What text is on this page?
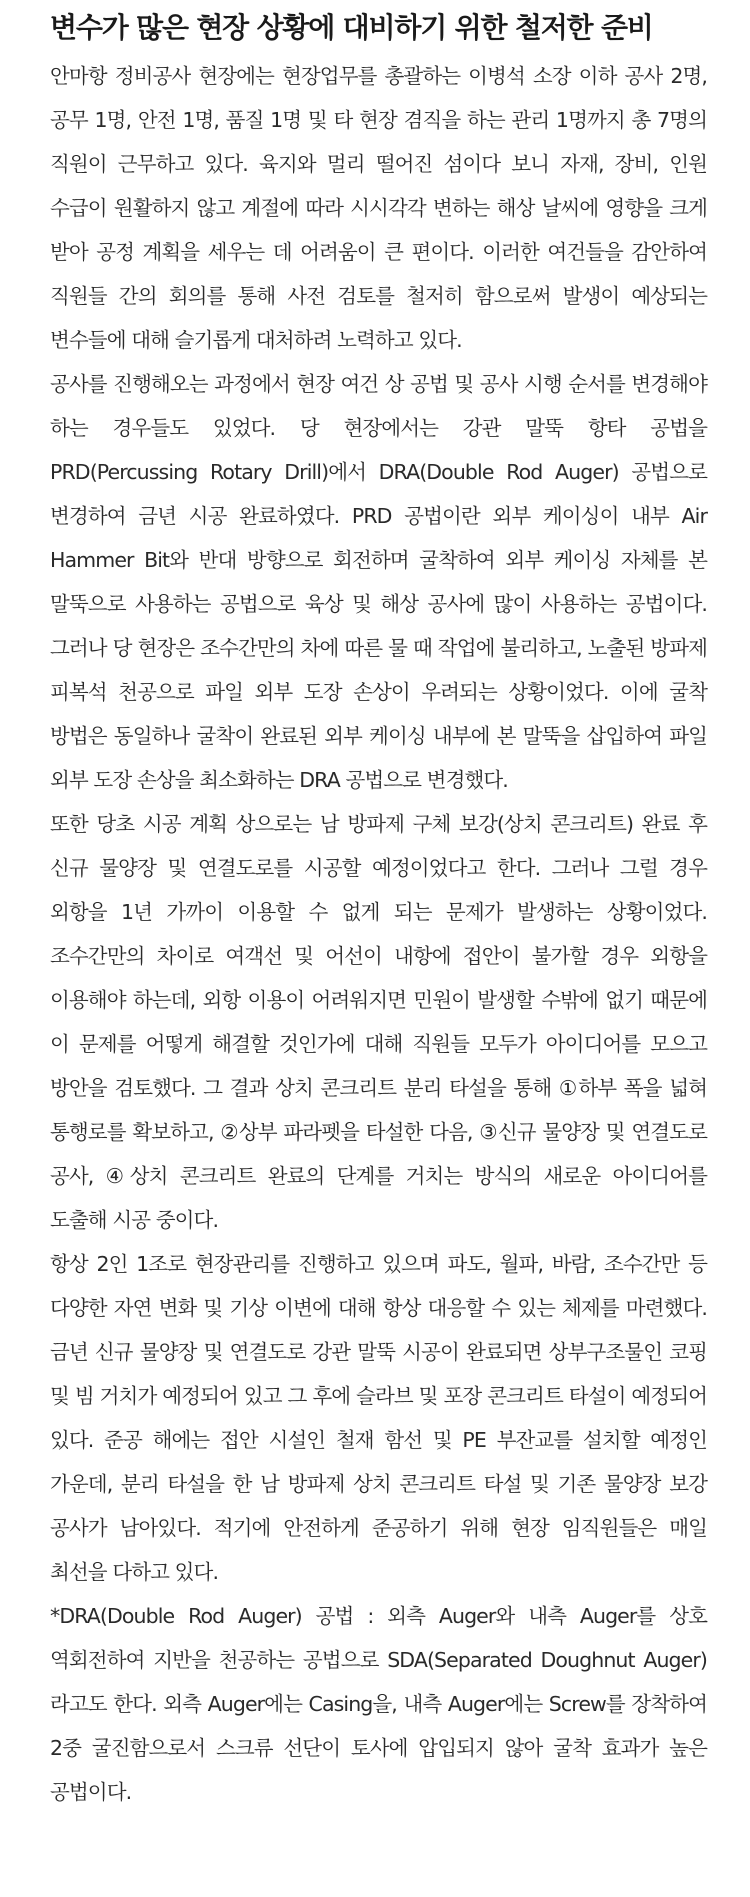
변수가 많은 현장 상황에 대비하기 위한 철저한 준비

안마항 정비공사 현장에는 현장업무를 총괄하는 이병석 소장 이하 공사 2명, 공무 1명, 안전 1명, 품질 1명 및 타 현장 겸직을 하는 관리 1명까지 총 7명의 직원이 근무하고 있다. 육지와 멀리 떨어진 섬이다 보니 자재, 장비, 인원 수급이 원활하지 않고 계절에 따라 시시각각 변하는 해상 날씨에 영향을 크게 받아 공정 계획을 세우는 데 어려움이 큰 편이다. 이러한 여건들을 감안하여 직원들 간의 회의를 통해 사전 검토를 철저히 함으로써 발생이 예상되는 변수들에 대해 슬기롭게 대처하려 노력하고 있다.

공사를 진행해오는 과정에서 현장 여건 상 공법 및 공사 시행 순서를 변경해야 하는 경우들도 있었다. 당 현장에서는 강관 말뚝 항타 공법을 PRD(Percussing Rotary Drill)에서 DRA(Double Rod Auger) 공법으로 변경하여 금년 시공 완료하였다. PRD 공법이란 외부 케이싱이 내부 Air Hammer Bit와 반대 방향으로 회전하며 굴착하여 외부 케이싱 자체를 본 말뚝으로 사용하는 공법으로 육상 및 해상 공사에 많이 사용하는 공법이다. 그러나 당 현장은 조수간만의 차에 따른 물 때 작업에 불리하고, 노출된 방파제 피복석 천공으로 파일 외부 도장 손상이 우려되는 상황이었다. 이에 굴착 방법은 동일하나 굴착이 완료된 외부 케이싱 내부에 본 말뚝을 삽입하여 파일 외부 도장 손상을 최소화하는 DRA 공법으로 변경했다.

또한 당초 시공 계획 상으로는 남 방파제 구체 보강(상치 콘크리트) 완료 후 신규 물양장 및 연결도로를 시공할 예정이었다고 한다. 그러나 그럴 경우 외항을 1년 가까이 이용할 수 없게 되는 문제가 발생하는 상황이었다. 조수간만의 차이로 여객선 및 어선이 내항에 접안이 불가할 경우 외항을 이용해야 하는데, 외항 이용이 어려워지면 민원이 발생할 수밖에 없기 때문에 이 문제를 어떻게 해결할 것인가에 대해 직원들 모두가 아이디어를 모으고 방안을 검토했다. 그 결과 상치 콘크리트 분리 타설을 통해 ①하부 폭을 넓혀 통행로를 확보하고, ②상부 파라펫을 타설한 다음, ③신규 물양장 및 연결도로 공사, ④상치 콘크리트 완료의 단계를 거치는 방식의 새로운 아이디어를 도출해 시공 중이다.

항상 2인 1조로 현장관리를 진행하고 있으며 파도, 월파, 바람, 조수간만 등 다양한 자연 변화 및 기상 이변에 대해 항상 대응할 수 있는 체제를 마련했다. 금년 신규 물양장 및 연결도로 강관 말뚝 시공이 완료되면 상부구조물인 코핑 및 빔 거치가 예정되어 있고 그 후에 슬라브 및 포장 콘크리트 타설이 예정되어 있다. 준공 해에는 접안 시설인 철재 함선 및 PE 부잔교를 설치할 예정인 가운데, 분리 타설을 한 남 방파제 상치 콘크리트 타설 및 기존 물양장 보강 공사가 남아있다. 적기에 안전하게 준공하기 위해 현장 임직원들은 매일 최선을 다하고 있다.

*DRA(Double Rod Auger) 공법 : 외측 Auger와 내측 Auger를 상호 역회전하여 지반을 천공하는 공법으로 SDA(Separated Doughnut Auger)라고도 한다. 외측 Auger에는 Casing을, 내측 Auger에는 Screw를 장착하여 2중 굴진함으로서 스크류 선단이 토사에 압입되지 않아 굴착 효과가 높은 공법이다.
